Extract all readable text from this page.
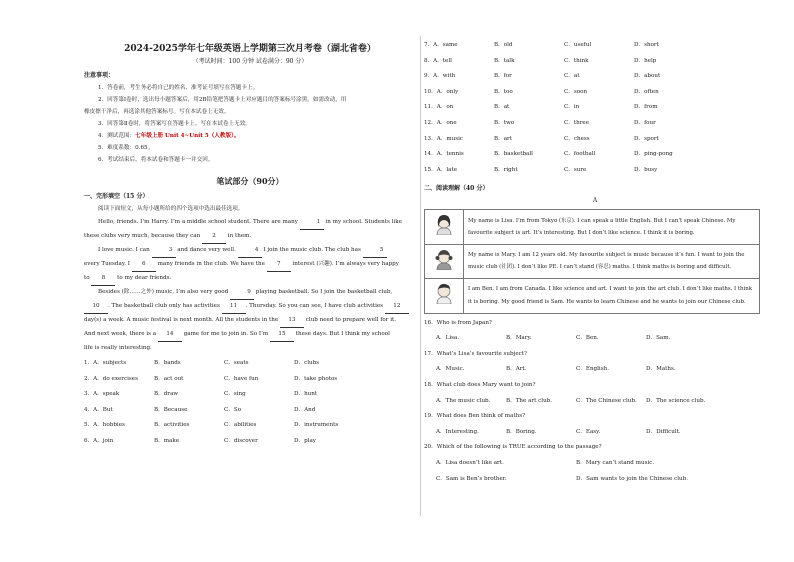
2024-2025学年七年级英语上学期第三次月考卷（湖北省卷）
（考试时间：100 分钟 试卷满分：90 分）
注意事项：
1．答卷前，考生务必将自己的姓名、准考证号填写在答题卡上。
2．回答第Ⅰ卷时，选出每小题答案后，用2B铅笔把答题卡上对应题目的答案标号涂黑。如需改动，用
橡皮擦干净后，再选涂其他答案标号。写在本试卷上无效。
3．回答第Ⅱ卷时，将答案写在答题卡上。写在本试卷上无效。
4．测试范围：七年级上册 Unit 4~Unit 5（人教版）。
5．难度系数：0.65。
6．考试结束后，将本试卷和答题卡一并交回。
笔试部分（90分）
一、完形填空（15 分）
阅读下面短文，从每小题所给的四个选项中选出最佳选项。
Hello, friends. I’m Harry. I’m a middle school student. There are many	1 in my school. Students like
these clubs very much, because they can 2 in them.
I love music. I can	3 and dance very well.	4 I join the music club. The club has	5
every Tuesday. I 6 many friends in the club. We have the 7 interest (兴趣). I’m always very happy
to 8 to my dear friends.
Besides (除……之外) music, I’m also very good	9 playing basketball. So I join the basketball club,
10 . The basketball club only has activities 11 . Thursday. So you can see, I have club activities 12
day(s) a week. A music festival is next month. All the students in the 13 club need to prepare well for it.
And next week, there is a 14 game for me to join in. So I’m 15 these days. But I think my school
life is really interesting.
1．A．subjects	B．bands	C．seats	D．clubs
2．A．do exercises	B．act out	C．have fun	D．take photos
3．A．speak	B．draw	C．sing	D．hunt
4．A．But	B．Because	C．So	D．And
5．A．hobbies	B．activities	C．abilities	D．instruments
6．A．join	B．make	C．discover	D．play
7．A．same	B．old	C．useful	D．short
8．A．tell	B．talk	C．think	D．help
9．A．with	B．for	C．at	D．about
10．A．only	B．too	C．soon	D．often
11．A．on	B．at	C．in	D．from
12．A．one	B．two	C．three	D．four
13．A．music	B．art	C．chess	D．sport
14．A．tennis	B．basketball	C．football	D．ping-pong
15．A．late	B．right	C．sure	D．busy
二、阅读理解（40 分）
A
	My name is Lisa. I’m from Tokyo (东京). I can speak a little English. But I can’t speak Chinese. My favourite subject is art. It’s interesting. But I don’t like science. I think it is boring.
	My name is Mary. I am 12 years old. My favourite subject is music because it’s fun. I want to join the music club (社团). I don’t like PE. I can’t stand (容忍) maths. I think maths is boring and difficult.
	I am Ben. I am from Canada. I like science and art. I want to join the art club. I don’t like maths. I think it is boring. My good friend is Sam. He wants to learn Chinese and he wants to join our Chinese club.
16．Who is from Japan?
A．Lisa.	B．Mary.	C．Ben.	D．Sam.
17．What’s Lisa’s favourite subject?
A．Music.	B．Art.	C．English.	D．Maths.
18．What club does Mary want to join?
A．The music club.	B．The art club.	C．The Chinese club.	D．The science club.
19．What does Ben think of maths?
A．Interesting.	B．Boring.	C．Easy.	D．Difficult.
20．Which of the following is TRUE according to the passage?
A．Lisa doesn’t like art.	B．Mary can’t stand music.
C．Sam is Ben’s brother.	D．Sam wants to join the Chinese club.
